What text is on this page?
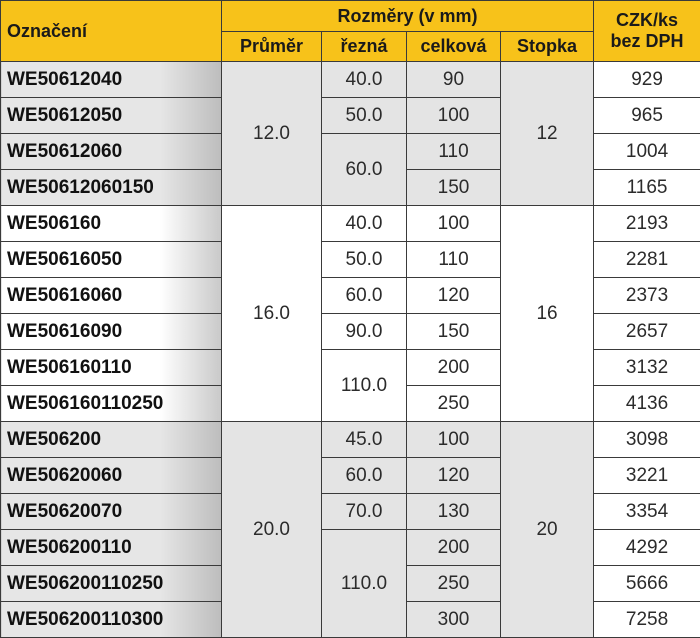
Označení	Rozměry (v mm)				CZK/ks
bez DPH

	Průměr	řezná	celková	Stopka	
WE50612040	12.0	40.0	90	12	929
WE50612050		50.0	100		965
WE50612060		60.0	110		1004
WE50612060150			150		1165
WE506160	16.0	40.0	100	16	2193
WE50616050		50.0	110		2281
WE50616060		60.0	120		2373
WE50616090		90.0	150		2657
WE506160110		110.0	200		3132
WE506160110250			250		4136
WE506200	20.0	45.0	100	20	3098
WE50620060		60.0	120		3221
WE50620070		70.0	130		3354
WE506200110		110.0	200		4292
WE506200110250			250		5666
WE506200110300			300		7258
